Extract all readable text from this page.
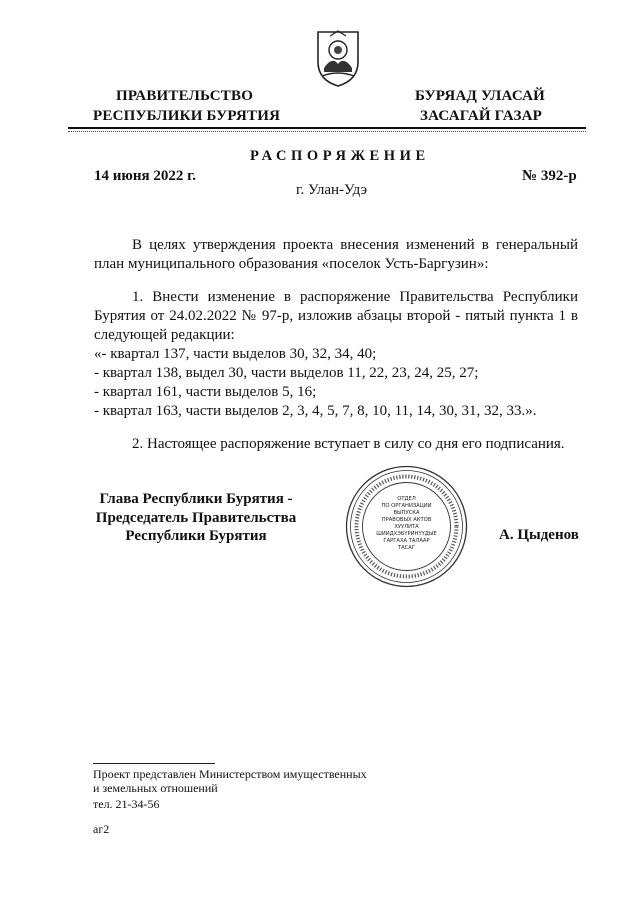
ПРАВИТЕЛЬСТВО
РЕСПУБЛИКИ БУРЯТИЯ
БУРЯАД УЛАСАЙ
ЗАСАГАЙ ГАЗАР
РАСПОРЯЖЕНИЕ
14 июня 2022 г.	№ 392-р
г. Улан-Удэ
В целях утверждения проекта внесения изменений в генеральный план муниципального образования «поселок Усть-Баргузин»:
1. Внести изменение в распоряжение Правительства Республики Бурятия от 24.02.2022 № 97-р, изложив абзацы второй - пятый пункта 1 в следующей редакции:
«- квартал 137, части выделов 30, 32, 34, 40;
- квартал 138, выдел 30, части выделов 11, 22, 23, 24, 25, 27;
- квартал 161, части выделов 5, 16;
- квартал 163, части выделов 2, 3, 4, 5, 7, 8, 10, 11, 14, 30, 31, 32, 33.».
2. Настоящее распоряжение вступает в силу со дня его подписания.
Глава Республики Бурятия -
Председатель Правительства
Республики Бурятия	А. Цыденов
ОТДЕЛ
ПО ОРГАНИЗАЦИИ
ВЫПУСКА
ПРАВОВЫХ АКТОВ
ХУУЛИТА
ШИИДХЭБҮРИНҮҮДЫЕ
ГАРГАХА ТАЛААР
ТАСАГ
Проект представлен Министерством имущественных
и земельных отношений
тел. 21-34-56
аг2
